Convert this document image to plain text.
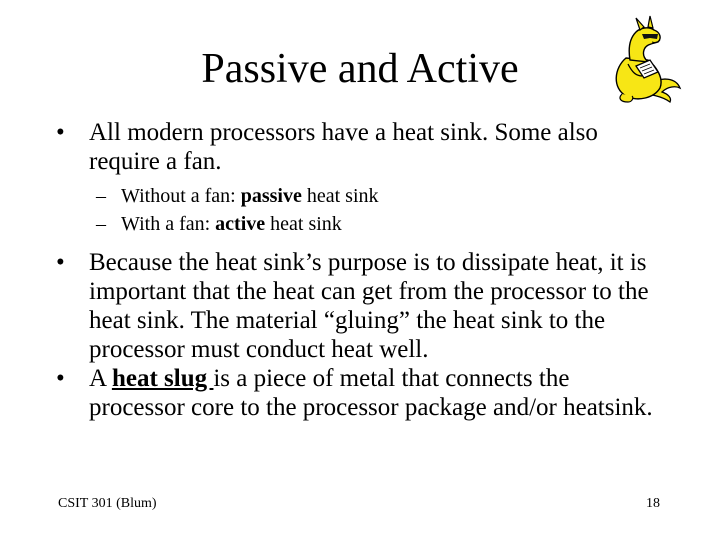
Passive and Active
• All modern processors have a heat sink. Some also require a fan.
– Without a fan: passive heat sink
– With a fan: active heat sink
• Because the heat sink’s purpose is to dissipate heat, it is important that the heat can get from the processor to the heat sink. The material “gluing” the heat sink to the processor must conduct heat well.
• A heat slug is a piece of metal that connects the processor core to the processor package and/or heatsink.
CSIT 301 (Blum)	18
